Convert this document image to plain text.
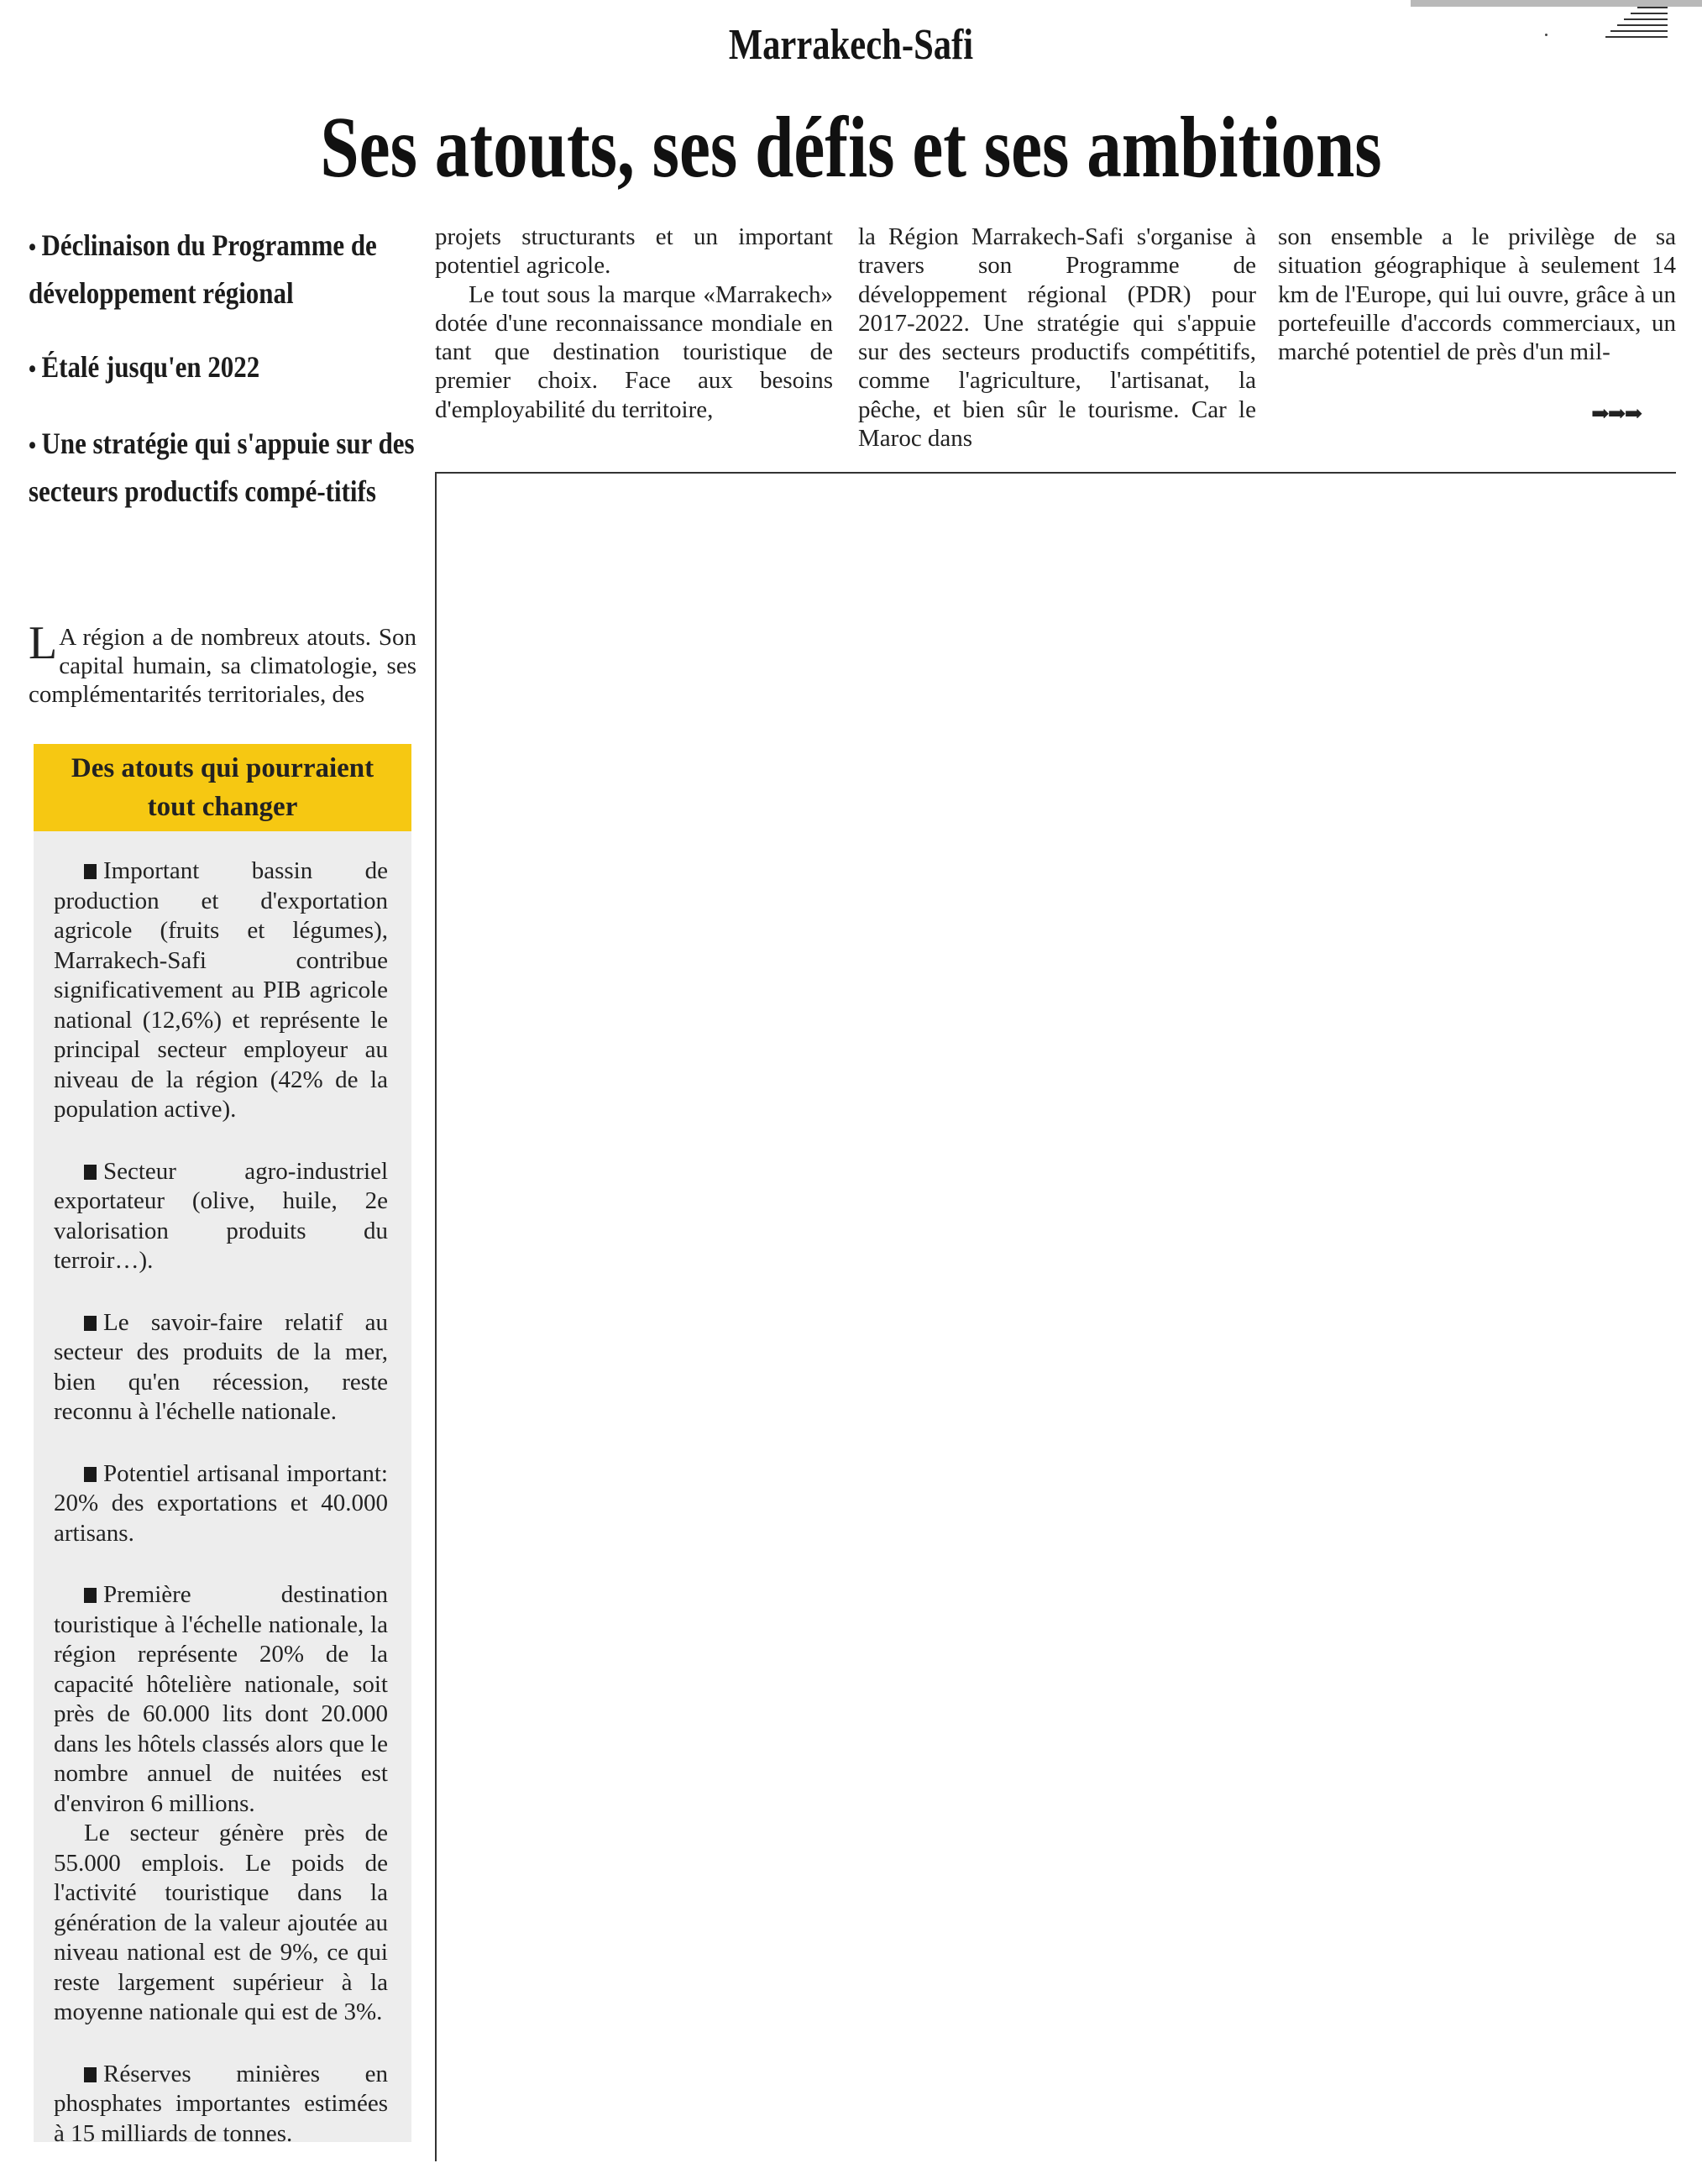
Marrakech-Safi
Ses atouts, ses défis et ses ambitions
• Déclinaison du Programme de développement régional
• Étalé jusqu'en 2022
• Une stratégie qui s'appuie sur des secteurs productifs compé-titifs
L A région a de nombreux atouts. Son capital humain, sa climatologie, ses complémentarités territoriales, des
Des atouts qui pourraient
tout changer

Important bassin de production et d'exportation agricole (fruits et légumes), Marrakech-Safi contribue significativement au PIB agricole national (12,6%) et représente le principal secteur employeur au niveau de la région (42% de la population active).

Secteur agro-industriel exportateur (olive, huile, 2e valorisation produits du terroir…).

Le savoir-faire relatif au secteur des produits de la mer, bien qu'en récession, reste reconnu à l'échelle nationale.

Potentiel artisanal important: 20% des exportations et 40.000 artisans.

Première destination touristique à l'échelle nationale, la région représente 20% de la capacité hôtelière nationale, soit près de 60.000 lits dont 20.000 dans les hôtels classés alors que le nombre annuel de nuitées est d'environ 6 millions.

Le secteur génère près de 55.000 emplois. Le poids de l'activité touristique dans la génération de la valeur ajoutée au niveau national est de 9%, ce qui reste largement supérieur à la moyenne nationale qui est de 3%.

Réserves minières en phosphates importantes estimées à 15 milliards de tonnes.

projets structurants et un important potentiel agricole.

Le tout sous la marque «Marrakech» dotée d'une reconnaissance mondiale en tant que destination touristique de premier choix. Face aux besoins d'employabilité du territoire,

la Région Marrakech-Safi s'organise à travers son Programme de développement régional (PDR) pour 2017-2022. Une stratégie qui s'appuie sur des secteurs productifs compétitifs, comme l'agriculture, l'artisanat, la pêche, et bien sûr le tourisme. Car le Maroc dans

son ensemble a le privilège de sa situation géographique à seulement 14 km de l'Europe, qui lui ouvre, grâce à un portefeuille d'accords commerciaux, un marché potentiel de près d'un mil-

➡➡➡
